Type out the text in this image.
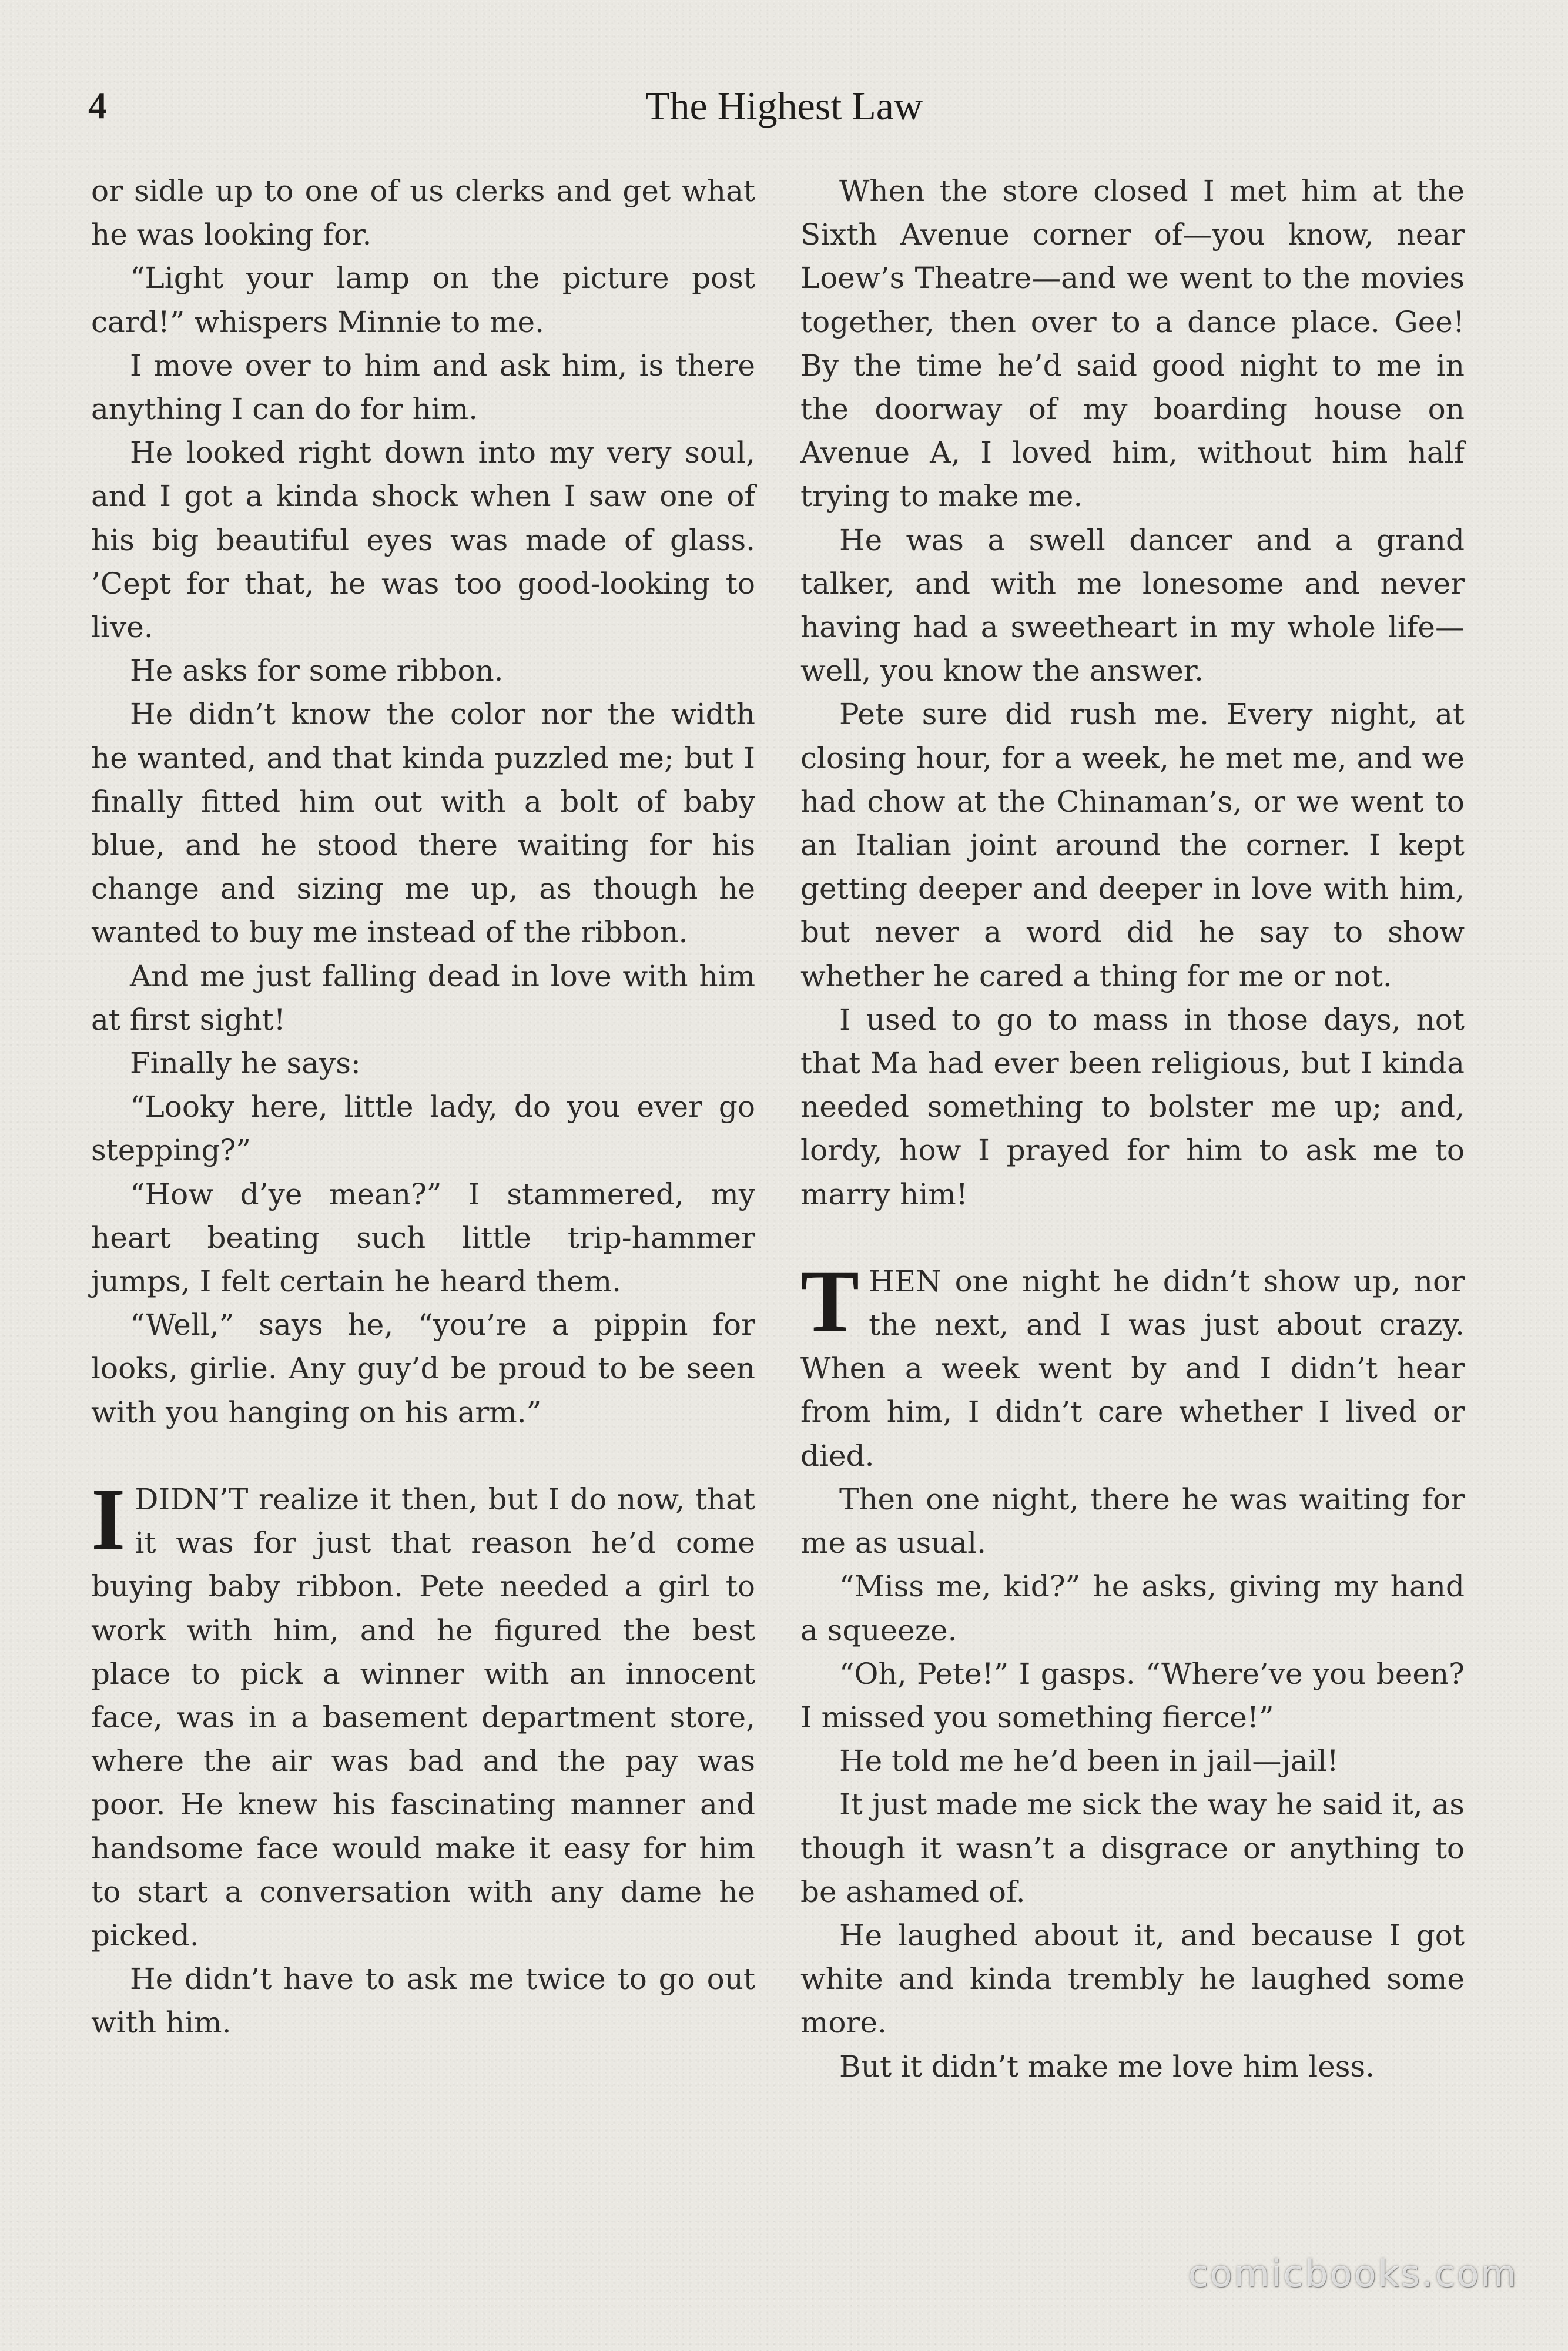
4	The Highest Law

or sidle up to one of us clerks and get what he was looking for.

“Light your lamp on the picture post card!” whispers Minnie to me.

I move over to him and ask him, is there anything I can do for him.

He looked right down into my very soul, and I got a kinda shock when I saw one of his big beautiful eyes was made of glass. ’Cept for that, he was too good-looking to live.

He asks for some ribbon.

He didn’t know the color nor the width he wanted, and that kinda puzzled me; but I finally fitted him out with a bolt of baby blue, and he stood there waiting for his change and sizing me up, as though he wanted to buy me instead of the ribbon.

And me just falling dead in love with him at first sight!

Finally he says:

“Looky here, little lady, do you ever go stepping?”

“How d’ye mean?” I stammered, my heart beating such little trip-hammer jumps, I felt certain he heard them.

“Well,” says he, “you’re a pippin for looks, girlie. Any guy’d be proud to be seen with you hanging on his arm.”

IDIDN’T realize it then, but I do now, that it was for just that reason he’d come buying baby ribbon. Pete needed a girl to work with him, and he figured the best place to pick a winner with an innocent face, was in a basement department store, where the air was bad and the pay was poor. He knew his fascinating manner and handsome face would make it easy for him to start a conversation with any dame he picked.

He didn’t have to ask me twice to go out with him.

When the store closed I met him at the Sixth Avenue corner of—you know, near Loew’s Theatre—and we went to the movies together, then over to a dance place. Gee! By the time he’d said good night to me in the doorway of my boarding house on Avenue A, I loved him, without him half trying to make me.

He was a swell dancer and a grand talker, and with me lonesome and never having had a sweetheart in my whole life—well, you know the answer.

Pete sure did rush me. Every night, at closing hour, for a week, he met me, and we had chow at the Chinaman’s, or we went to an Italian joint around the corner. I kept getting deeper and deeper in love with him, but never a word did he say to show whether he cared a thing for me or not.

I used to go to mass in those days, not that Ma had ever been religious, but I kinda needed something to bolster me up; and, lordy, how I prayed for him to ask me to marry him!

THEN one night he didn’t show up, nor the next, and I was just about crazy. When a week went by and I didn’t hear from him, I didn’t care whether I lived or died.

Then one night, there he was waiting for me as usual.

“Miss me, kid?” he asks, giving my hand a squeeze.

“Oh, Pete!” I gasps. “Where’ve you been? I missed you something fierce!”

He told me he’d been in jail—jail!

It just made me sick the way he said it, as though it wasn’t a disgrace or anything to be ashamed of.

He laughed about it, and because I got white and kinda trembly he laughed some more.

But it didn’t make me love him less.

comicbooks.com
